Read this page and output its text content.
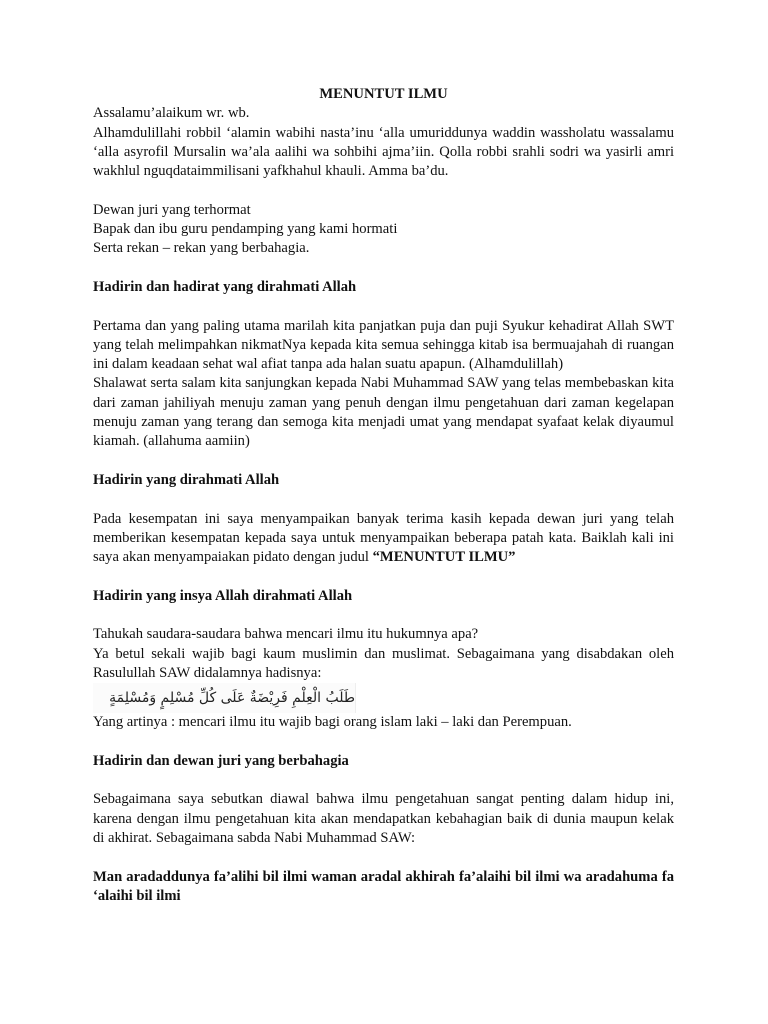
MENUNTUT ILMU

Assalamu’alaikum wr. wb.

Alhamdulillahi robbil ‘alamin wabihi nasta’inu ‘alla umuriddunya waddin wassholatu wassalamu ‘alla asyrofil Mursalin wa’ala aalihi wa sohbihi ajma’iin. Qolla robbi srahli sodri wa yasirli amri wakhlul nguqdataimmilisani yafkhahul khauli. Amma ba’du.

Dewan juri yang terhormat

Bapak dan ibu guru pendamping yang kami hormati

Serta rekan – rekan yang berbahagia.

Hadirin dan hadirat yang dirahmati Allah

Pertama dan yang paling utama marilah kita panjatkan puja dan puji Syukur kehadirat Allah SWT yang telah melimpahkan nikmatNya kepada kita semua sehingga kitab isa bermuajahah di ruangan ini dalam keadaan sehat wal afiat tanpa ada halan suatu apapun. (Alhamdulillah)

Shalawat serta salam kita sanjungkan kepada Nabi Muhammad SAW yang telas membebaskan kita dari zaman jahiliyah menuju zaman yang penuh dengan ilmu pengetahuan dari zaman kegelapan menuju zaman yang terang dan semoga kita menjadi umat yang mendapat syafaat kelak diyaumul kiamah. (allahuma aamiin)

Hadirin yang dirahmati Allah

Pada kesempatan ini saya menyampaikan banyak terima kasih kepada dewan juri yang telah memberikan kesempatan kepada saya untuk menyampaikan beberapa patah kata. Baiklah kali ini saya akan menyampaiakan pidato dengan judul “MENUNTUT ILMU”

Hadirin yang insya Allah dirahmati Allah

Tahukah saudara-saudara bahwa mencari ilmu itu hukumnya apa?

Ya betul sekali wajib bagi kaum muslimin dan muslimat. Sebagaimana yang disabdakan oleh Rasulullah SAW didalamnya hadisnya:

طَلَبُ الْعِلْمِ فَرِيْضَةٌ عَلَى كُلِّ مُسْلِمٍ وَمُسْلِمَةٍ

Yang artinya : mencari ilmu itu wajib bagi orang islam laki – laki dan Perempuan.

Hadirin dan dewan juri yang berbahagia

Sebagaimana saya sebutkan diawal bahwa ilmu pengetahuan sangat penting dalam hidup ini, karena dengan ilmu pengetahuan kita akan mendapatkan kebahagian baik di dunia maupun kelak di akhirat. Sebagaimana sabda Nabi Muhammad SAW:

Man aradaddunya fa’alihi bil ilmi waman aradal akhirah fa’alaihi bil ilmi wa aradahuma fa ‘alaihi bil ilmi
